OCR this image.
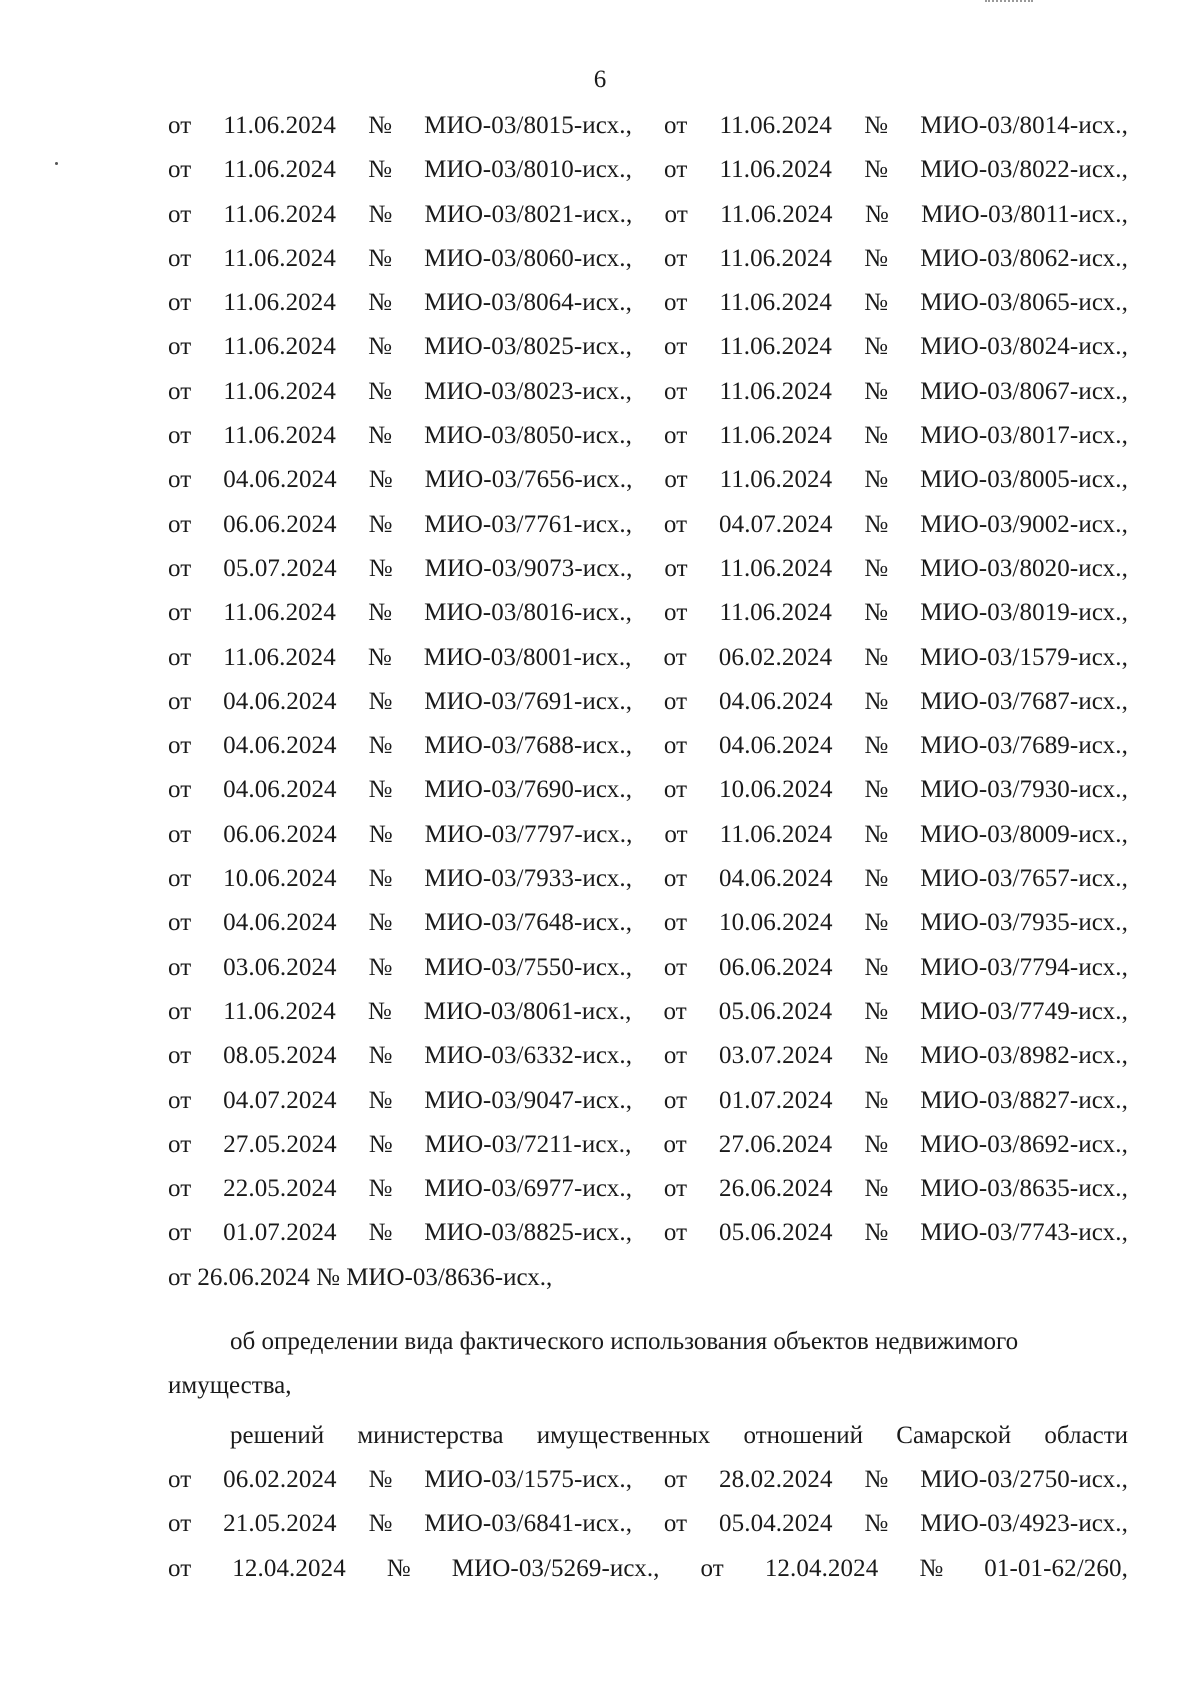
6
от 11.06.2024 № МИО-03/8015-исх., от 11.06.2024 № МИО-03/8014-исх.,
от 11.06.2024 № МИО-03/8010-исх., от 11.06.2024 № МИО-03/8022-исх.,
от 11.06.2024 № МИО-03/8021-исх., от 11.06.2024 № МИО-03/8011-исх.,
от 11.06.2024 № МИО-03/8060-исх., от 11.06.2024 № МИО-03/8062-исх.,
от 11.06.2024 № МИО-03/8064-исх., от 11.06.2024 № МИО-03/8065-исх.,
от 11.06.2024 № МИО-03/8025-исх., от 11.06.2024 № МИО-03/8024-исх.,
от 11.06.2024 № МИО-03/8023-исх., от 11.06.2024 № МИО-03/8067-исх.,
от 11.06.2024 № МИО-03/8050-исх., от 11.06.2024 № МИО-03/8017-исх.,
от 04.06.2024 № МИО-03/7656-исх., от 11.06.2024 № МИО-03/8005-исх.,
от 06.06.2024 № МИО-03/7761-исх., от 04.07.2024 № МИО-03/9002-исх.,
от 05.07.2024 № МИО-03/9073-исх., от 11.06.2024 № МИО-03/8020-исх.,
от 11.06.2024 № МИО-03/8016-исх., от 11.06.2024 № МИО-03/8019-исх.,
от 11.06.2024 № МИО-03/8001-исх., от 06.02.2024 № МИО-03/1579-исх.,
от 04.06.2024 № МИО-03/7691-исх., от 04.06.2024 № МИО-03/7687-исх.,
от 04.06.2024 № МИО-03/7688-исх., от 04.06.2024 № МИО-03/7689-исх.,
от 04.06.2024 № МИО-03/7690-исх., от 10.06.2024 № МИО-03/7930-исх.,
от 06.06.2024 № МИО-03/7797-исх., от 11.06.2024 № МИО-03/8009-исх.,
от 10.06.2024 № МИО-03/7933-исх., от 04.06.2024 № МИО-03/7657-исх.,
от 04.06.2024 № МИО-03/7648-исх., от 10.06.2024 № МИО-03/7935-исх.,
от 03.06.2024 № МИО-03/7550-исх., от 06.06.2024 № МИО-03/7794-исх.,
от 11.06.2024 № МИО-03/8061-исх., от 05.06.2024 № МИО-03/7749-исх.,
от 08.05.2024 № МИО-03/6332-исх., от 03.07.2024 № МИО-03/8982-исх.,
от 04.07.2024 № МИО-03/9047-исх., от 01.07.2024 № МИО-03/8827-исх.,
от 27.05.2024 № МИО-03/7211-исх., от 27.06.2024 № МИО-03/8692-исх.,
от 22.05.2024 № МИО-03/6977-исх., от 26.06.2024 № МИО-03/8635-исх.,
от 01.07.2024 № МИО-03/8825-исх., от 05.06.2024 № МИО-03/7743-исх.,
от 26.06.2024 № МИО-03/8636-исх.,
об определении вида фактического использования объектов недвижимого
имущества,
решений министерства имущественных отношений Самарской области
от 06.02.2024 № МИО-03/1575-исх., от 28.02.2024 № МИО-03/2750-исх.,
от 21.05.2024 № МИО-03/6841-исх., от 05.04.2024 № МИО-03/4923-исх.,
от 12.04.2024 № МИО-03/5269-исх., от 12.04.2024 № 01-01-62/260,
